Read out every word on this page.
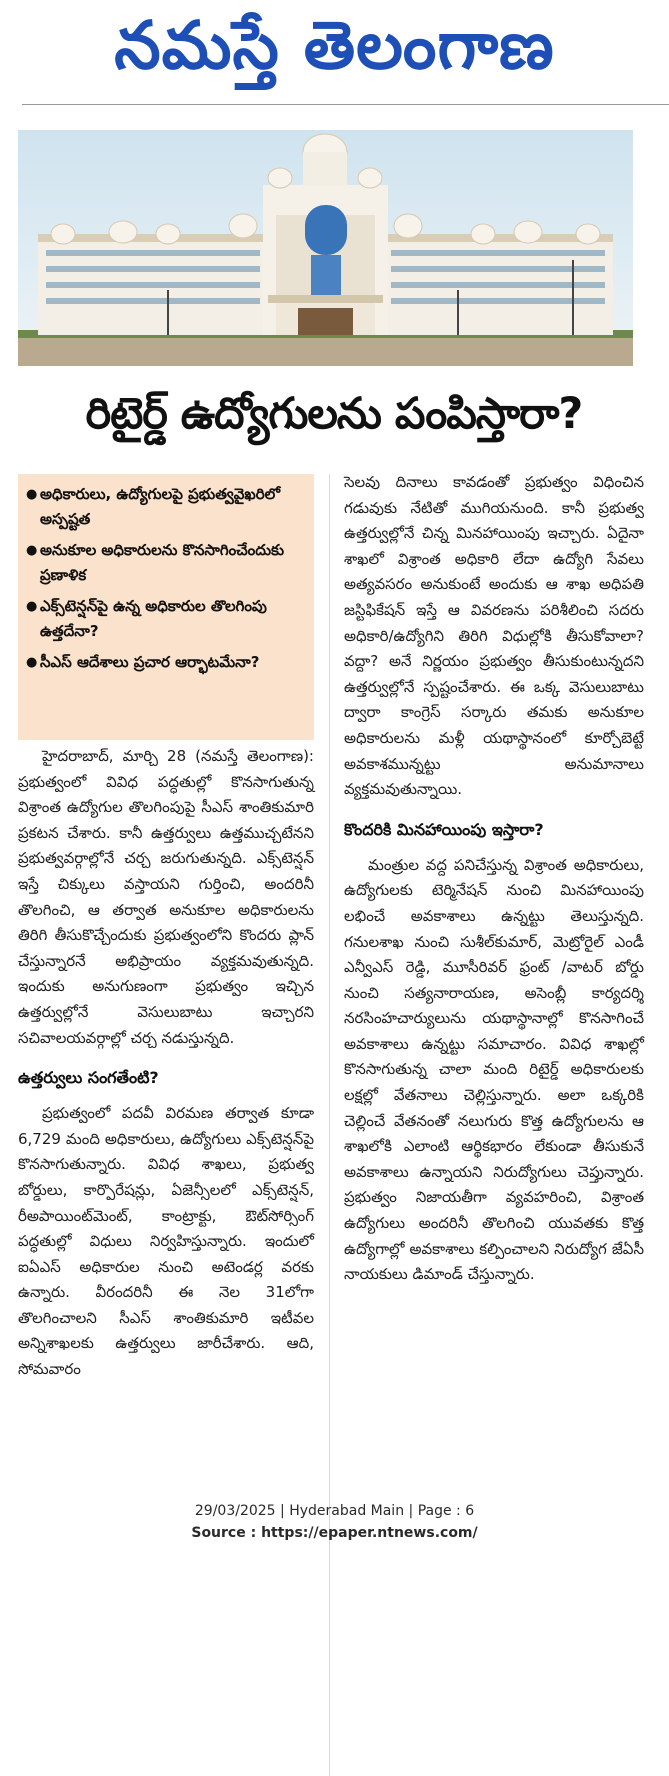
నమస్తే తెలంగాణ
రిటైర్డ్ ఉద్యోగులను పంపిస్తారా?
● అధికారులు, ఉద్యోగులపై ప్రభుత్వవైఖరిలో అస్పష్టత
● అనుకూల అధికారులను కొనసాగించేందుకు ప్రణాళిక
● ఎక్స్‌టెన్షన్‌పై ఉన్న అధికారుల తొలగింపు ఉత్తదేనా?
● సీఎస్ ఆదేశాలు ప్రచార ఆర్భాటమేనా?

హైదరాబాద్, మార్చి 28 (నమస్తే తెలంగాణ): ప్రభుత్వంలో వివిధ పద్ధతుల్లో కొనసాగుతున్న విశ్రాంత ఉద్యోగుల తొలగింపుపై సీఎస్ శాంతికుమారి ప్రకటన చేశారు. కానీ ఉత్తర్వులు ఉత్తముచ్చటేనని ప్రభుత్వవర్గాల్లోనే చర్చ జరుగుతున్నది. ఎక్స్‌టెన్షన్ ఇస్తే చిక్కులు వస్తాయని గుర్తించి, అందరినీ తొలగించి, ఆ తర్వాత అనుకూల అధికారులను తిరిగి తీసుకొచ్చేందుకు ప్రభుత్వంలోని కొందరు ప్లాన్ చేస్తున్నారనే అభిప్రాయం వ్యక్తమవుతున్నది. ఇందుకు అనుగుణంగా ప్రభుత్వం ఇచ్చిన ఉత్తర్వుల్లోనే వెసులుబాటు ఇచ్చారని సచివాలయవర్గాల్లో చర్చ నడుస్తున్నది.

ఉత్తర్వులు సంగతేంటి?

ప్రభుత్వంలో పదవీ విరమణ తర్వాత కూడా 6,729 మంది అధికారులు, ఉద్యోగులు ఎక్స్‌టెన్షన్‌పై కొనసాగుతున్నారు. వివిధ శాఖలు, ప్రభుత్వ బోర్డులు, కార్పొరేషన్లు, ఏజెన్సీలలో ఎక్స్‌టెన్షన్, రీఅపాయింట్‌మెంట్, కాంట్రాక్టు, ఔట్‌సోర్సింగ్ పద్ధతుల్లో విధులు నిర్వహిస్తున్నారు. ఇందులో ఐఏఎస్ అధికారుల నుంచి అటెండర్ల వరకు ఉన్నారు. వీరందరినీ ఈ నెల 31లోగా తొలగించాలని సీఎస్ శాంతికుమారి ఇటీవల అన్నిశాఖలకు ఉత్తర్వులు జారీచేశారు. ఆది, సోమవారం

సెలవు దినాలు కావడంతో ప్రభుత్వం విధించిన గడువుకు నేటితో ముగియనుంది. కానీ ప్రభుత్వ ఉత్తర్వుల్లోనే చిన్న మినహాయింపు ఇచ్చారు. ఏదైనా శాఖలో విశ్రాంత అధికారి లేదా ఉద్యోగి సేవలు అత్యవసరం అనుకుంటే అందుకు ఆ శాఖ అధిపతి జస్టిఫికేషన్ ఇస్తే ఆ వివరణను పరిశీలించి సదరు అధికారి/ఉద్యోగిని తిరిగి విధుల్లోకి తీసుకోవాలా? వద్దా? అనే నిర్ణయం ప్రభుత్వం తీసుకుంటున్నదని ఉత్తర్వుల్లోనే స్పష్టంచేశారు. ఈ ఒక్క వెసులుబాటు ద్వారా కాంగ్రెస్ సర్కారు తమకు అనుకూల అధికారులను మళ్లీ యథాస్థానంలో కూర్చోబెట్టే అవకాశమున్నట్టు అనుమానాలు వ్యక్తమవుతున్నాయి.

కొందరికి మినహాయింపు ఇస్తారా?

మంత్రుల వద్ద పనిచేస్తున్న విశ్రాంత అధికారులు, ఉద్యోగులకు టెర్మినేషన్ నుంచి మినహాయింపు లభించే అవకాశాలు ఉన్నట్టు తెలుస్తున్నది. గనులశాఖ నుంచి సుశీల్‌కుమార్, మెట్రోరైల్ ఎండీ ఎన్వీఎస్ రెడ్డి, మూసీరివర్ ఫ్రంట్ /వాటర్ బోర్డు నుంచి సత్యనారాయణ, అసెంబ్లీ కార్యదర్శి నరసింహచార్యులును యథాస్థానాల్లో కొనసాగించే అవకాశాలు ఉన్నట్టు సమాచారం. వివిధ శాఖల్లో కొనసాగుతున్న చాలా మంది రిటైర్డ్ అధికారులకు లక్షల్లో వేతనాలు చెల్లిస్తున్నారు. అలా ఒక్కరికి చెల్లించే వేతనంతో నలుగురు కొత్త ఉద్యోగులను ఆ శాఖలోకి ఎలాంటి ఆర్థికభారం లేకుండా తీసుకునే అవకాశాలు ఉన్నాయని నిరుద్యోగులు చెప్తున్నారు. ప్రభుత్వం నిజాయతీగా వ్యవహరించి, విశ్రాంత ఉద్యోగులు అందరినీ తొలగించి యువతకు కొత్త ఉద్యోగాల్లో అవకాశాలు కల్పించాలని నిరుద్యోగ జేఏసీ నాయకులు డిమాండ్ చేస్తున్నారు.

29/03/2025 | Hyderabad Main | Page : 6
Source : https://epaper.ntnews.com/
